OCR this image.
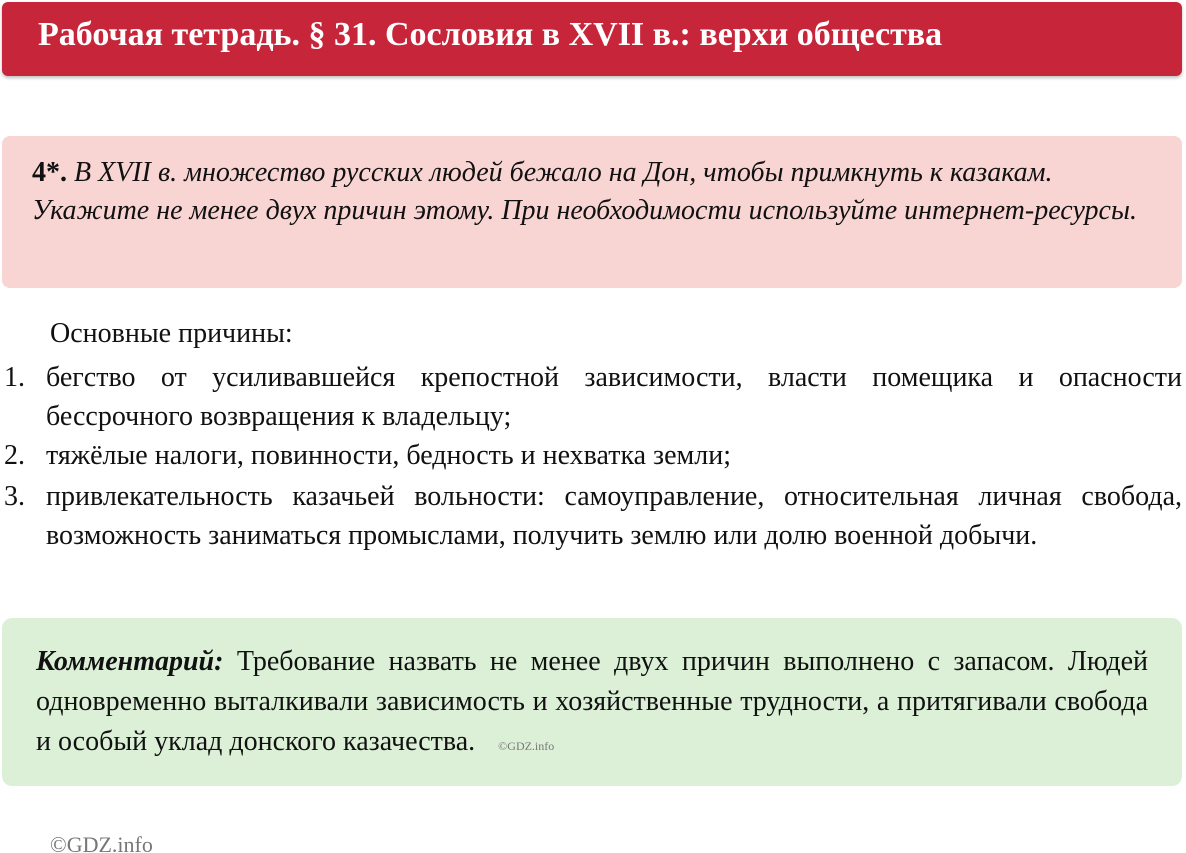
Рабочая тетрадь. § 31. Сословия в XVII в.: верхи общества
4*. В XVII в. множество русских людей бежало на Дон, чтобы примкнуть к казакам. Укажите не менее двух причин этому. При необходимости используйте интернет-ресурсы.
Основные причины:
1. бегство от усиливавшейся крепостной зависимости, власти помещика и опасности бессрочного возвращения к владельцу;
2. тяжёлые налоги, повинности, бедность и нехватка земли;
3. привлекательность казачьей вольности: самоуправление, относительная личная свобода, возможность заниматься промыслами, получить землю или долю военной добычи.
Комментарий: Требование назвать не менее двух причин выполнено с запасом. Людей одновременно выталкивали зависимость и хозяйственные трудности, а притягивали свобода и особый уклад донского казачества. ©GDZ.info
©GDZ.info
